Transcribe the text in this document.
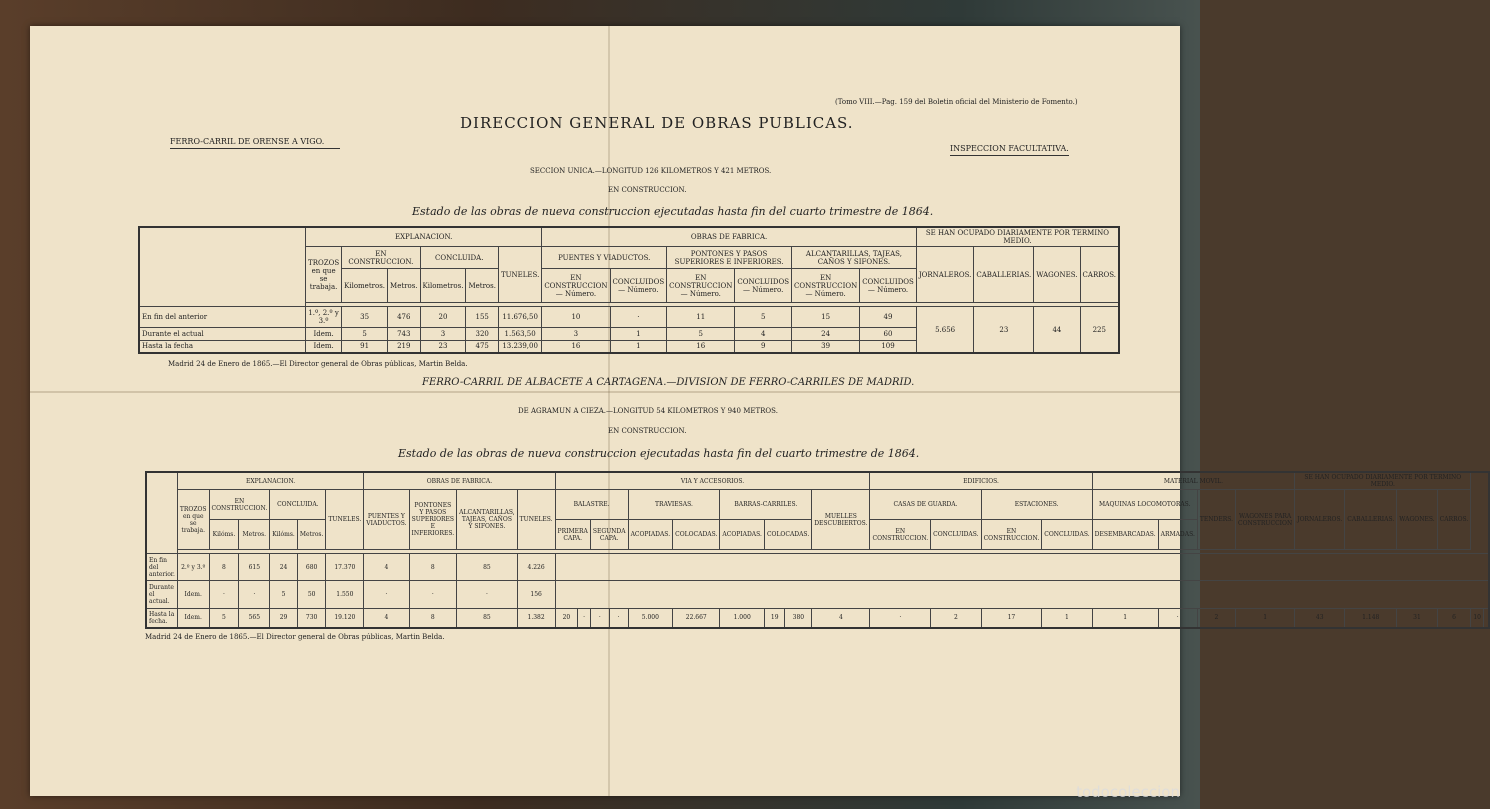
(Tomo VIII.—Pag. 159 del Boletin oficial del Ministerio de Fomento.)
DIRECCION GENERAL DE OBRAS PUBLICAS.
FERRO-CARRIL DE ORENSE A VIGO.
INSPECCION FACULTATIVA.
SECCION UNICA.—LONGITUD 126 KILOMETROS Y 421 METROS.
EN CONSTRUCCION.
Estado de las obras de nueva construccion ejecutadas hasta fin del cuarto trimestre de 1864.
	EXPLANACION.						OBRAS DE FABRICA.						SE HAN OCUPADO DIARIAMENTE POR TERMINO MEDIO.			
	TROZOS en que se trabaja.	EN CONSTRUCCION.		CONCLUIDA.		TUNELES.	PUENTES Y VIADUCTOS.		PONTONES Y PASOS SUPERIORES E INFERIORES.		ALCANTARILLAS, TAJEAS, CAÑOS Y SIFONES.		JORNALEROS.	CABALLERIAS.	WAGONES.	CARROS.
		Kilometros.	Metros.	Kilometros.	Metros.		EN CONSTRUCCION — Número.	CONCLUIDOS — Número.	EN CONSTRUCCION — Número.	CONCLUIDOS — Número.	EN CONSTRUCCION — Número.	CONCLUIDOS — Número.				

En fin del anterior	1.º, 2.º y 3.º	35	476	20	155	11.676,50	10	·	11	5	15	49	5.656	23	44	225
Durante el actual	Idem.	5	743	3	320	1.563,50	3	1	5	4	24	60				
Hasta la fecha	Idem.	91	219	23	475	13.239,00	16	1	16	9	39	109				
Madrid 24 de Enero de 1865.—El Director general de Obras públicas, Martin Belda.
FERRO-CARRIL DE ALBACETE A CARTAGENA.—DIVISION DE FERRO-CARRILES DE MADRID.
DE AGRAMUN A CIEZA.—LONGITUD 54 KILOMETROS Y 940 METROS.
EN CONSTRUCCION.
Estado de las obras de nueva construccion ejecutadas hasta fin del cuarto trimestre de 1864.
	EXPLANACION.						OBRAS DE FABRICA.				VIA Y ACCESORIOS.										EDIFICIOS.				MATERIAL MOVIL.				SE HAN OCUPADO DIARIAMENTE POR TERMINO MEDIO.					
	TROZOS en que se trabaja.	EN CONSTRUCCION.		CONCLUIDA.		TUNELES.	PUENTES Y VIADUCTOS.	PONTONES Y PASOS SUPERIORES E INFERIORES.	ALCANTARILLAS, TAJEAS, CAÑOS Y SIFONES.	TUNELES.	BALASTRE.				TRAVIESAS.		BARRAS-CARRILES.			MUELLES DESCUBIERTOS.	CASAS DE GUARDA.		ESTACIONES.		MAQUINAS LOCOMOTORAS.		TENDERS.	WAGONES PARA CONSTRUCCION	JORNALEROS.	CABALLERIAS.	WAGONES.	CARROS.		
		Kilóms.	Metros.	Kilóms.	Metros.						PRIMERA CAPA.		SEGUNDA CAPA.		ACOPIADAS.	COLOCADAS.	ACOPIADAS.	COLOCADAS.			EN CONSTRUCCION.	CONCLUIDAS.	EN CONSTRUCCION.	CONCLUIDAS.	DESEMBARCADAS.	ARMADAS.								

En fin del anterior.	2.º y 3.º	8	615	24	680	17.370	4	8	85	4.226																								
Durante el actual.	Idem.	·	·	5	50	1.550	·	·	·	156																								
Hasta la fecha.	Idem.	5	565	29	730	19.120	4	8	85	1.382	20	·	·	·	5.000	22.667	1.000	19	380	4	·	2	17	1	1	·	2	1	43	1.148	31	6	10	
Madrid 24 de Enero de 1865.—El Director general de Obras públicas, Martin Belda.
todocoleccion
